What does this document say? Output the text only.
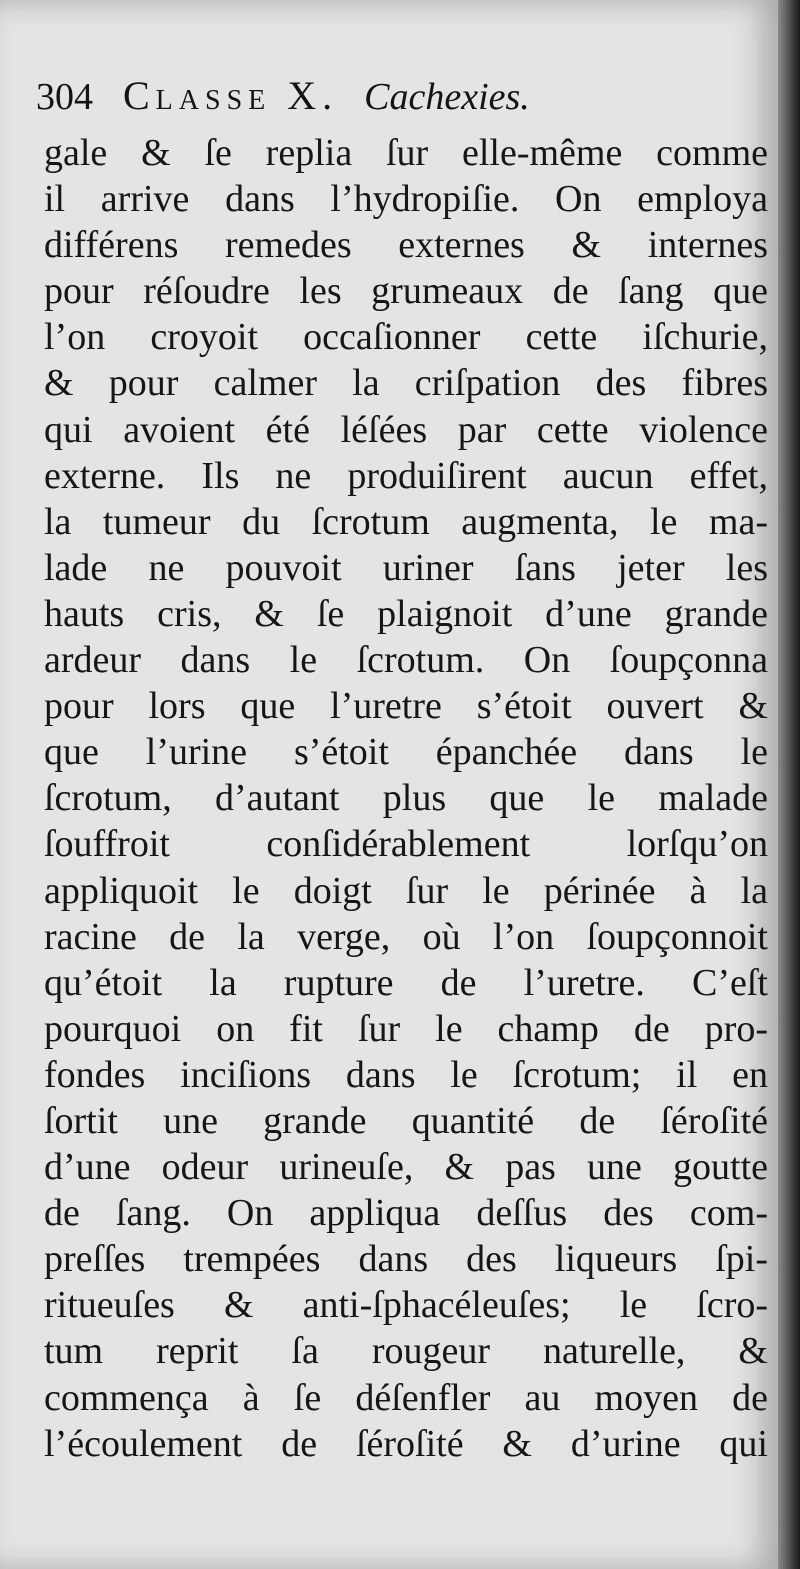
304 Classe X. Cachexies.
gale & ſe replia ſur elle-même comme
il arrive dans l’hydropiſie. On employa
différens remedes externes & internes
pour réſoudre les grumeaux de ſang que
l’on croyoit occaſionner cette iſchurie,
& pour calmer la criſpation des fibres
qui avoient été léſées par cette violence
externe. Ils ne produiſirent aucun effet,
la tumeur du ſcrotum augmenta, le ma-
lade ne pouvoit uriner ſans jeter les
hauts cris, & ſe plaignoit d’une grande
ardeur dans le ſcrotum. On ſoupçonna
pour lors que l’uretre s’étoit ouvert &
que l’urine s’étoit épanchée dans le
ſcrotum, d’autant plus que le malade
ſouffroit conſidérablement lorſqu’on
appliquoit le doigt ſur le périnée à la
racine de la verge, où l’on ſoupçonnoit
qu’étoit la rupture de l’uretre. C’eſt
pourquoi on fit ſur le champ de pro-
fondes inciſions dans le ſcrotum; il en
ſortit une grande quantité de ſéroſité
d’une odeur urineuſe, & pas une goutte
de ſang. On appliqua deſſus des com-
preſſes trempées dans des liqueurs ſpi-
ritueuſes & anti-ſphacéleuſes; le ſcro-
tum reprit ſa rougeur naturelle, &
commença à ſe déſenfler au moyen de
l’écoulement de ſéroſité & d’urine qui
